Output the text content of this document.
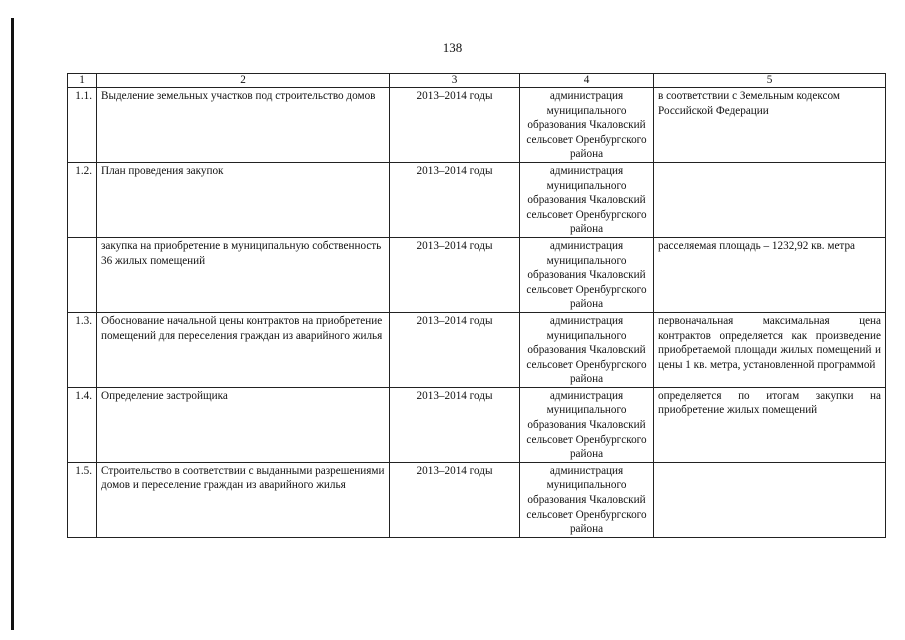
138
1	2	3	4	5
1.1.	Выделение земельных участков под строительство домов	2013–2014 годы	администрация
муниципального
образования Чкаловский
сельсовет Оренбургского
района	в соответствии с Земельным кодексом
Российской Федерации

1.2.	План проведения закупок	2013–2014 годы	администрация
муниципального
образования Чкаловский
сельсовет Оренбургского
района	

	закупка на приобретение в муниципальную собственность 36 жилых помещений	2013–2014 годы	администрация
муниципального
образования Чкаловский
сельсовет Оренбургского
района	расселяемая площадь – 1232,92 кв. метра

1.3.	Обоснование начальной цены контрактов на приобретение помещений для переселения граждан из аварийного жилья	2013–2014 годы	администрация
муниципального
образования Чкаловский
сельсовет Оренбургского
района	первоначальная максимальная цена контрактов определяется как произведение приобретаемой площади жилых помещений и цены 1 кв. метра, установленной программой

1.4.	Определение застройщика	2013–2014 годы	администрация
муниципального
образования Чкаловский
сельсовет Оренбургского
района	определяется по итогам закупки на приобретение жилых помещений

1.5.	Строительство в соответствии с выданными разрешениями домов и переселение граждан из аварийного жилья	2013–2014 годы	администрация
муниципального
образования Чкаловский
сельсовет Оренбургского
района	
